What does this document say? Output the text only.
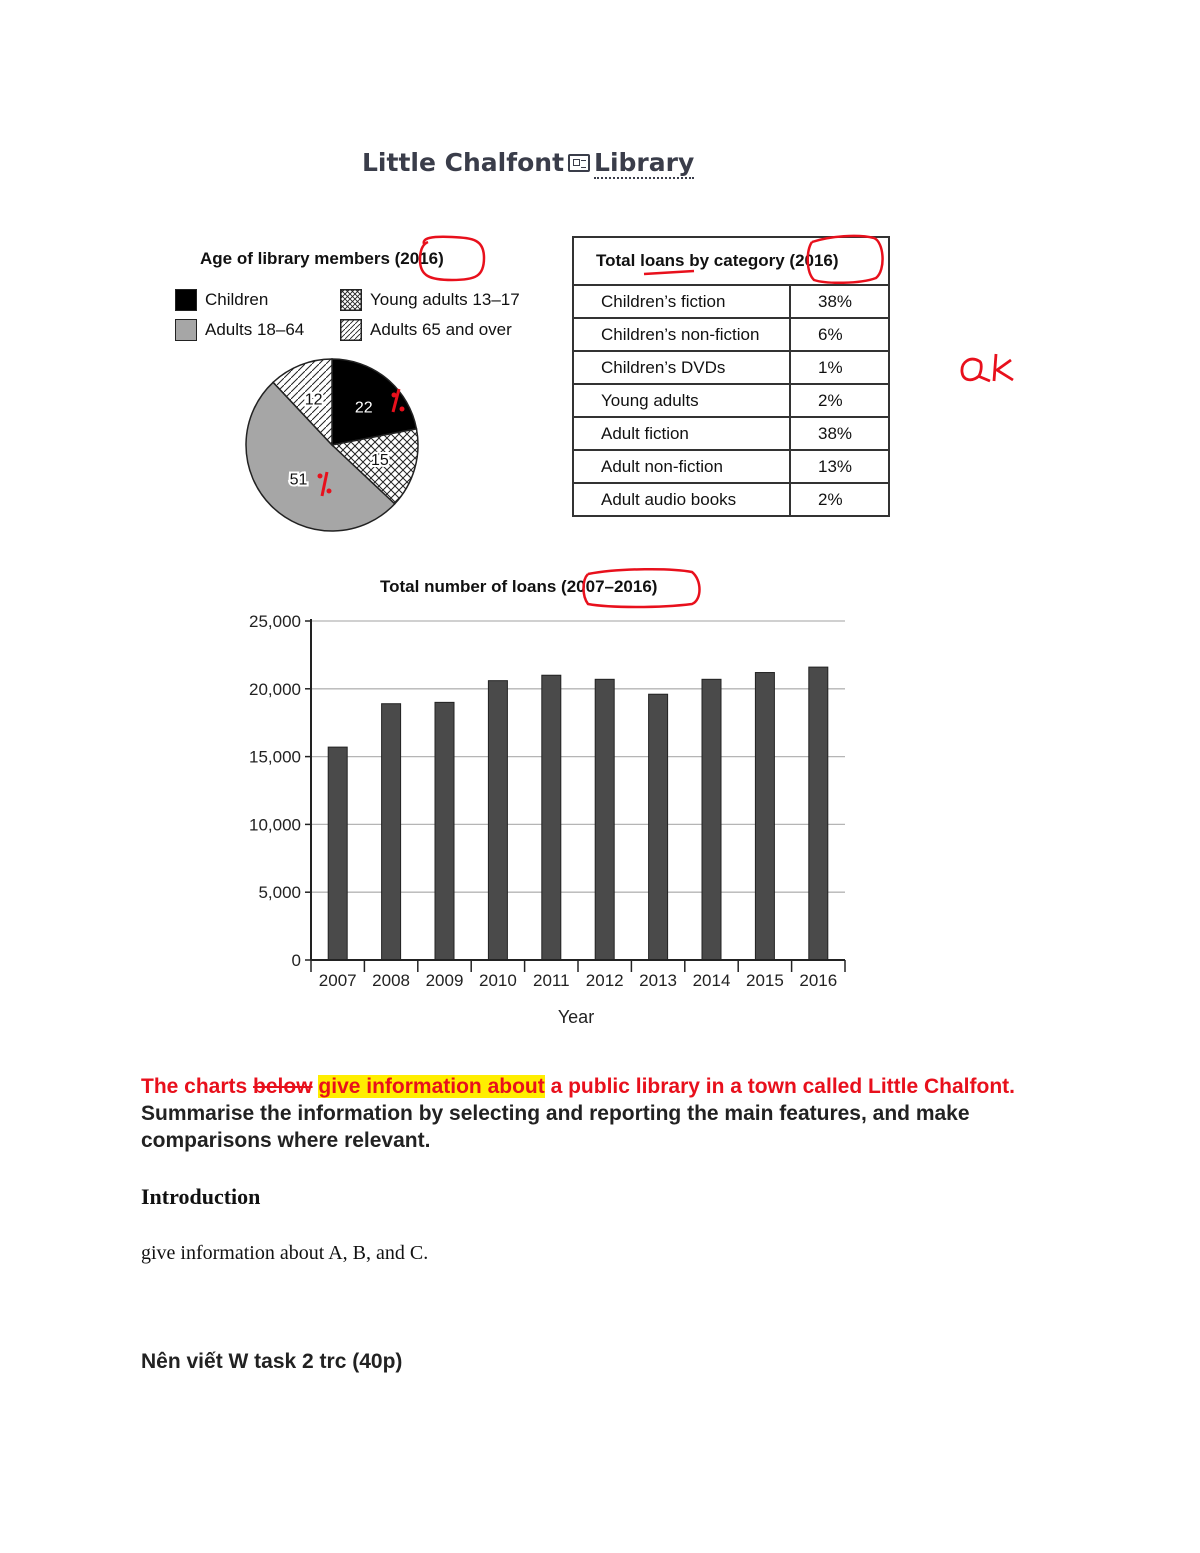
Little Chalfont Library
Age of library members (2016)
Children	Young adults 13–17
Adults 18–64	Adults 65 and over
22
15
51
12
Total loans by category (2016)	
Children’s fiction	38%
Children’s non-fiction	6%
Children’s DVDs	1%
Young adults	2%
Adult fiction	38%
Adult non-fiction	13%
Adult audio books	2%
Total number of loans (2007–2016)
0
5,000
10,000
15,000
20,000
25,000
2007 2008 2009 2010 2011 2012 2013 2014 2015 2016
Year
The charts below give information about a public library in a town called Little Chalfont. Summarise the information by selecting and reporting the main features, and make comparisons where relevant.
Introduction
give information about A, B, and C.
Nên viết W task 2 trc (40p)
